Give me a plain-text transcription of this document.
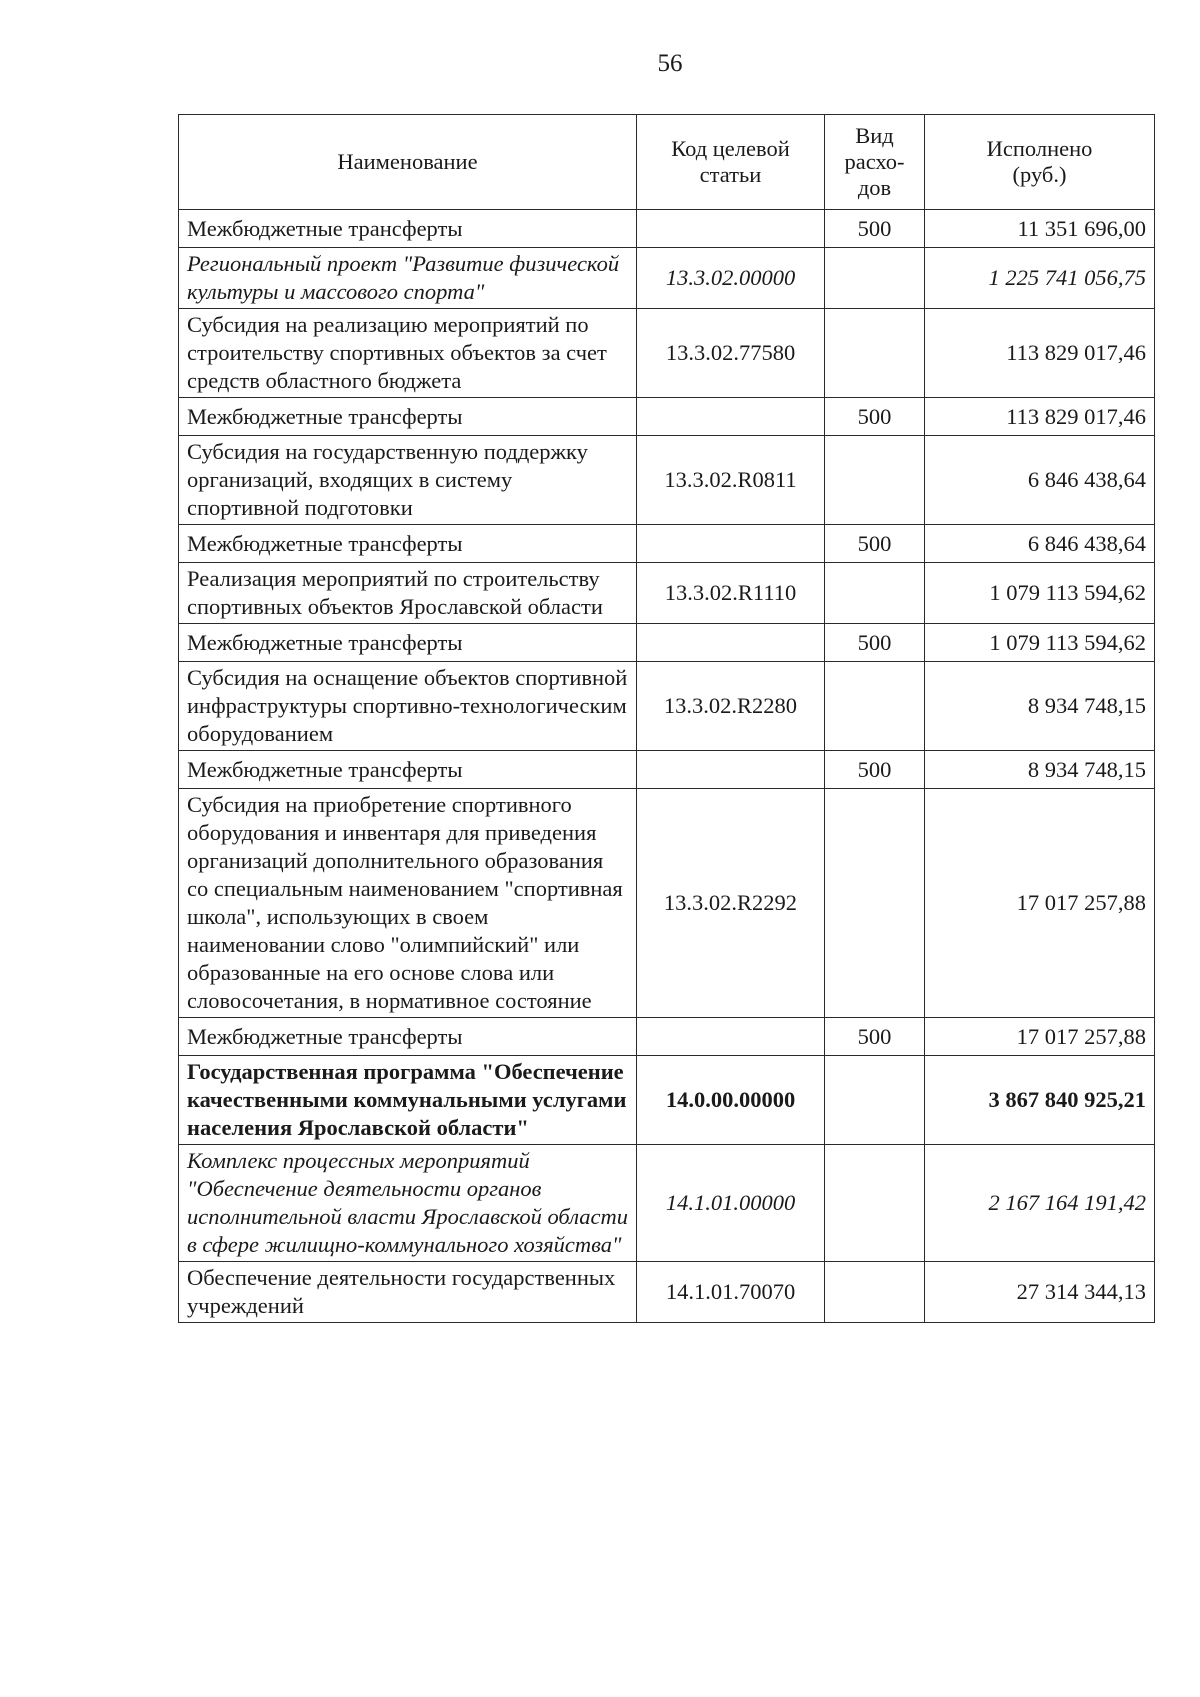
56
Наименование	Код целевой статьи	Вид расхо-дов	Исполнено (руб.)
Межбюджетные трансферты		500	11 351 696,00
Региональный проект "Развитие физической культуры и массового спорта"	13.3.02.00000		1 225 741 056,75
Субсидия на реализацию мероприятий по строительству спортивных объектов за счет средств областного бюджета	13.3.02.77580		113 829 017,46
Межбюджетные трансферты		500	113 829 017,46
Субсидия на государственную поддержку организаций, входящих в систему спортивной подготовки	13.3.02.R0811		6 846 438,64
Межбюджетные трансферты		500	6 846 438,64
Реализация мероприятий по строительству спортивных объектов Ярославской области	13.3.02.R1110		1 079 113 594,62
Межбюджетные трансферты		500	1 079 113 594,62
Субсидия на оснащение объектов спортивной инфраструктуры спортивно-технологическим оборудованием	13.3.02.R2280		8 934 748,15
Межбюджетные трансферты		500	8 934 748,15
Субсидия на приобретение спортивного оборудования и инвентаря для приведения организаций дополнительного образования со специальным наименованием "спортивная школа", использующих в своем наименовании слово "олимпийский" или образованные на его основе слова или словосочетания, в нормативное состояние	13.3.02.R2292		17 017 257,88
Межбюджетные трансферты		500	17 017 257,88
Государственная программа "Обеспечение качественными коммунальными услугами населения Ярославской области"	14.0.00.00000		3 867 840 925,21
Комплекс процессных мероприятий "Обеспечение деятельности органов исполнительной власти Ярославской области в сфере жилищно-коммунального хозяйства"	14.1.01.00000		2 167 164 191,42
Обеспечение деятельности государственных учреждений	14.1.01.70070		27 314 344,13
